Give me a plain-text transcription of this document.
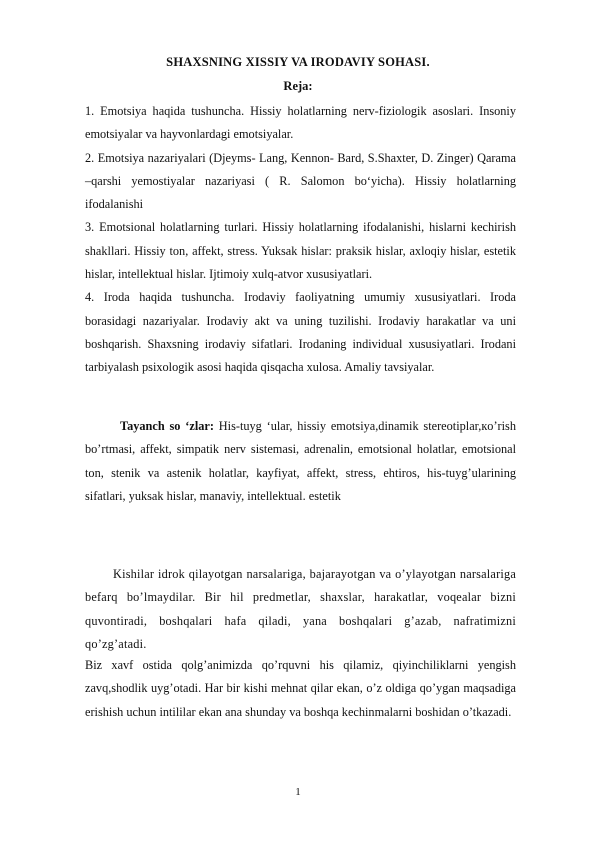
SHAXSNING XISSIY VA IRODAVIY SOHASI.
Reja:

1. Emotsiya haqida tushuncha. Hissiy holatlarning nerv-fiziologik asoslari. Insoniy emotsiyalar va hayvonlardagi emotsiyalar.

2. Emotsiya nazariyalari (Djeyms- Lang, Kennon- Bard, S.Shaxter, D. Zinger) Qarama –qarshi yemostiyalar nazariyasi ( R. Salomon bo‘yicha). Hissiy holatlarning ifodalanishi

3. Emotsional holatlarning turlari. Hissiy holatlarning ifodalanishi, hislarni kechirish shakllari. Hissiy ton, affekt, stress. Yuksak hislar: praksik hislar, axloqiy hislar, estetik hislar, intellektual hislar. Ijtimoiy xulq-atvor xususiyatlari.

4. Iroda haqida tushuncha. Irodaviy faoliyatning umumiy xususiyatlari. Iroda borasidagi nazariyalar. Irodaviy akt va uning tuzilishi. Irodaviy harakatlar va uni boshqarish. Shaxsning irodaviy sifatlari. Irodaning individual xususiyatlari. Irodani tarbiyalash psixologik asosi haqida qisqacha xulosa. Amaliy tavsiyalar.

Tayanch so ‘zlar: His-tuyg ‘ular, hissiy emotsiya,dinamik stereotiplar,кo’rish bo’rtmasi, affekt, simpatik nerv sistemasi, adrenalin, emotsional holatlar, emotsional ton, stenik va astenik holatlar, kayfiyat, affekt, stress, ehtiros, his-tuyg’ularining sifatlari, yuksak hislar, manaviy, intellektual. estetik

Kishilar idrok qilayotgan narsalariga, bajarayotgan va o’ylayotgan narsalariga befarq bo’lmaydilar. Bir hil predmetlar, shaxslar, harakatlar, voqealar bizni quvontiradi, boshqalari hafa qiladi, yana boshqalari g’azab, nafratimizni qo’zg’atadi.

Biz xavf ostida qolg’animizda qo’rquvni his qilamiz, qiyinchiliklarni yengish zavq,shodlik uyg’otadi. Har bir kishi mehnat qilar ekan, o’z oldiga qo’ygan maqsadiga erishish uchun intililar ekan ana shunday va boshqa kechinmalarni boshidan o’tkazadi.

1
